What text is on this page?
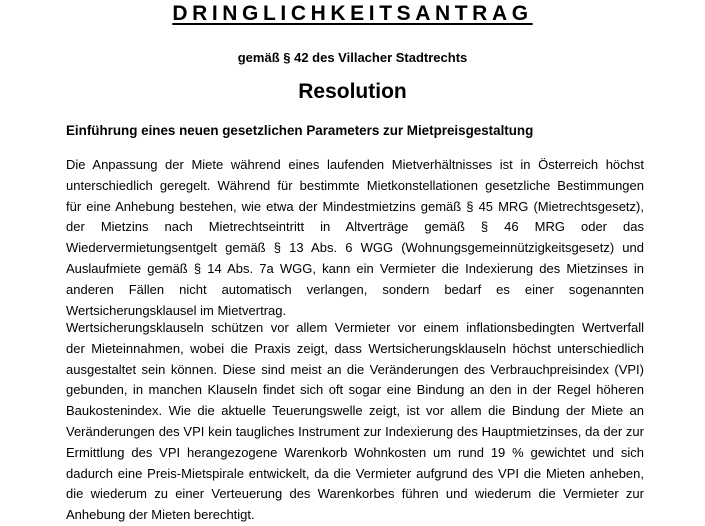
DRINGLICHKEITSANTRAG
gemäß § 42 des Villacher Stadtrechts
Resolution
Einführung eines neuen gesetzlichen Parameters zur Mietpreisgestaltung
Die Anpassung der Miete während eines laufenden Mietverhältnisses ist in Österreich höchst
unterschiedlich geregelt. Während für bestimmte Mietkonstellationen gesetzliche Bestimmungen
für eine Anhebung bestehen, wie etwa der Mindestmietzins gemäß § 45 MRG (Mietrechtsgesetz),
der Mietzins nach Mietrechtseintritt in Altverträge gemäß § 46 MRG oder das
Wiedervermietungsentgelt gemäß § 13 Abs. 6 WGG (Wohnungsgemeinnützigkeitsgesetz) und
Auslaufmiete gemäß § 14 Abs. 7a WGG, kann ein Vermieter die Indexierung des Mietzinses in
anderen Fällen nicht automatisch verlangen, sondern bedarf es einer sogenannten
Wertsicherungsklausel im Mietvertrag.
Wertsicherungsklauseln schützen vor allem Vermieter vor einem inflationsbedingten Wertverfall
der Mieteinnahmen, wobei die Praxis zeigt, dass Wertsicherungsklauseln höchst unterschiedlich
ausgestaltet sein können. Diese sind meist an die Veränderungen des Verbrauchpreisindex (VPI)
gebunden, in manchen Klauseln findet sich oft sogar eine Bindung an den in der Regel höheren
Baukostenindex. Wie die aktuelle Teuerungswelle zeigt, ist vor allem die Bindung der Miete an
Veränderungen des VPI kein taugliches Instrument zur Indexierung des Hauptmietzinses, da der zur
Ermittlung des VPI herangezogene Warenkorb Wohnkosten um rund 19 % gewichtet und sich
dadurch eine Preis-Mietspirale entwickelt, da die Vermieter aufgrund des VPI die Mieten anheben,
die wiederum zu einer Verteuerung des Warenkorbes führen und wiederum die Vermieter zur
Anhebung der Mieten berechtigt.
